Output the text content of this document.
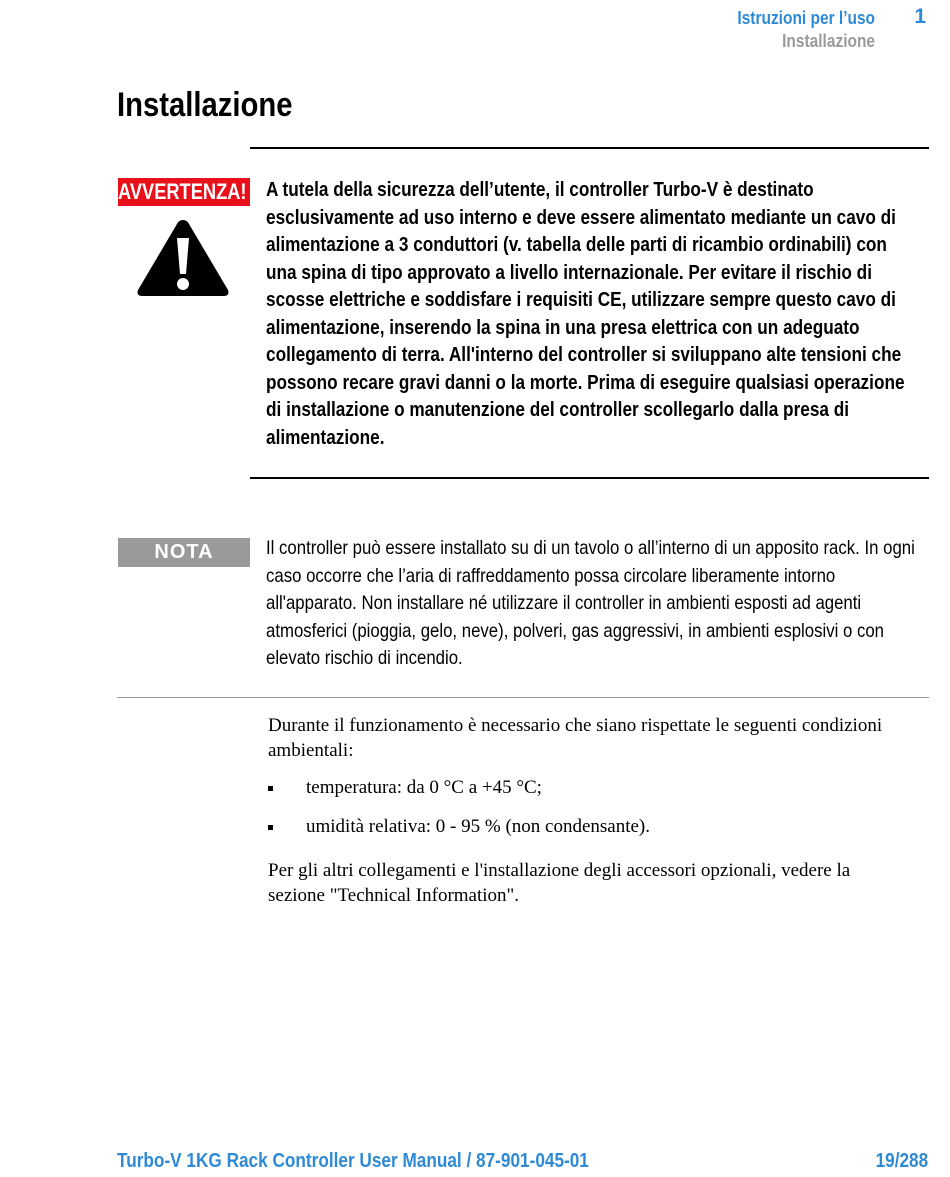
Istruzioni per l’uso 1
Installazione
Installazione
AVVERTENZA! A tutela della sicurezza dell’utente, il controller Turbo-V è destinato esclusivamente ad uso interno e deve essere alimentato mediante un cavo di alimentazione a 3 conduttori (v. tabella delle parti di ricambio ordinabili) con una spina di tipo approvato a livello internazionale. Per evitare il rischio di scosse elettriche e soddisfare i requisiti CE, utilizzare sempre questo cavo di alimentazione, inserendo la spina in una presa elettrica con un adeguato collegamento di terra. All'interno del controller si sviluppano alte tensioni che possono recare gravi danni o la morte. Prima di eseguire qualsiasi operazione di installazione o manutenzione del controller scollegarlo dalla presa di alimentazione.

NOTA	Il controller può essere installato su di un tavolo o all’interno di un apposito rack. In ogni caso occorre che l’aria di raffreddamento possa circolare liberamente intorno all'apparato. Non installare né utilizzare il controller in ambienti esposti ad agenti atmosferici (pioggia, gelo, neve), polveri, gas aggressivi, in ambienti esplosivi o con elevato rischio di incendio.

Durante il funzionamento è necessario che siano rispettate le seguenti condizioni ambientali:

temperatura: da 0 °C a +45 °C;
umidità relativa: 0 - 95 % (non condensante).

Per gli altri collegamenti e l'installazione degli accessori opzionali, vedere la sezione "Technical Information".

Turbo-V 1KG Rack Controller User Manual / 87-901-045-01	19/288
